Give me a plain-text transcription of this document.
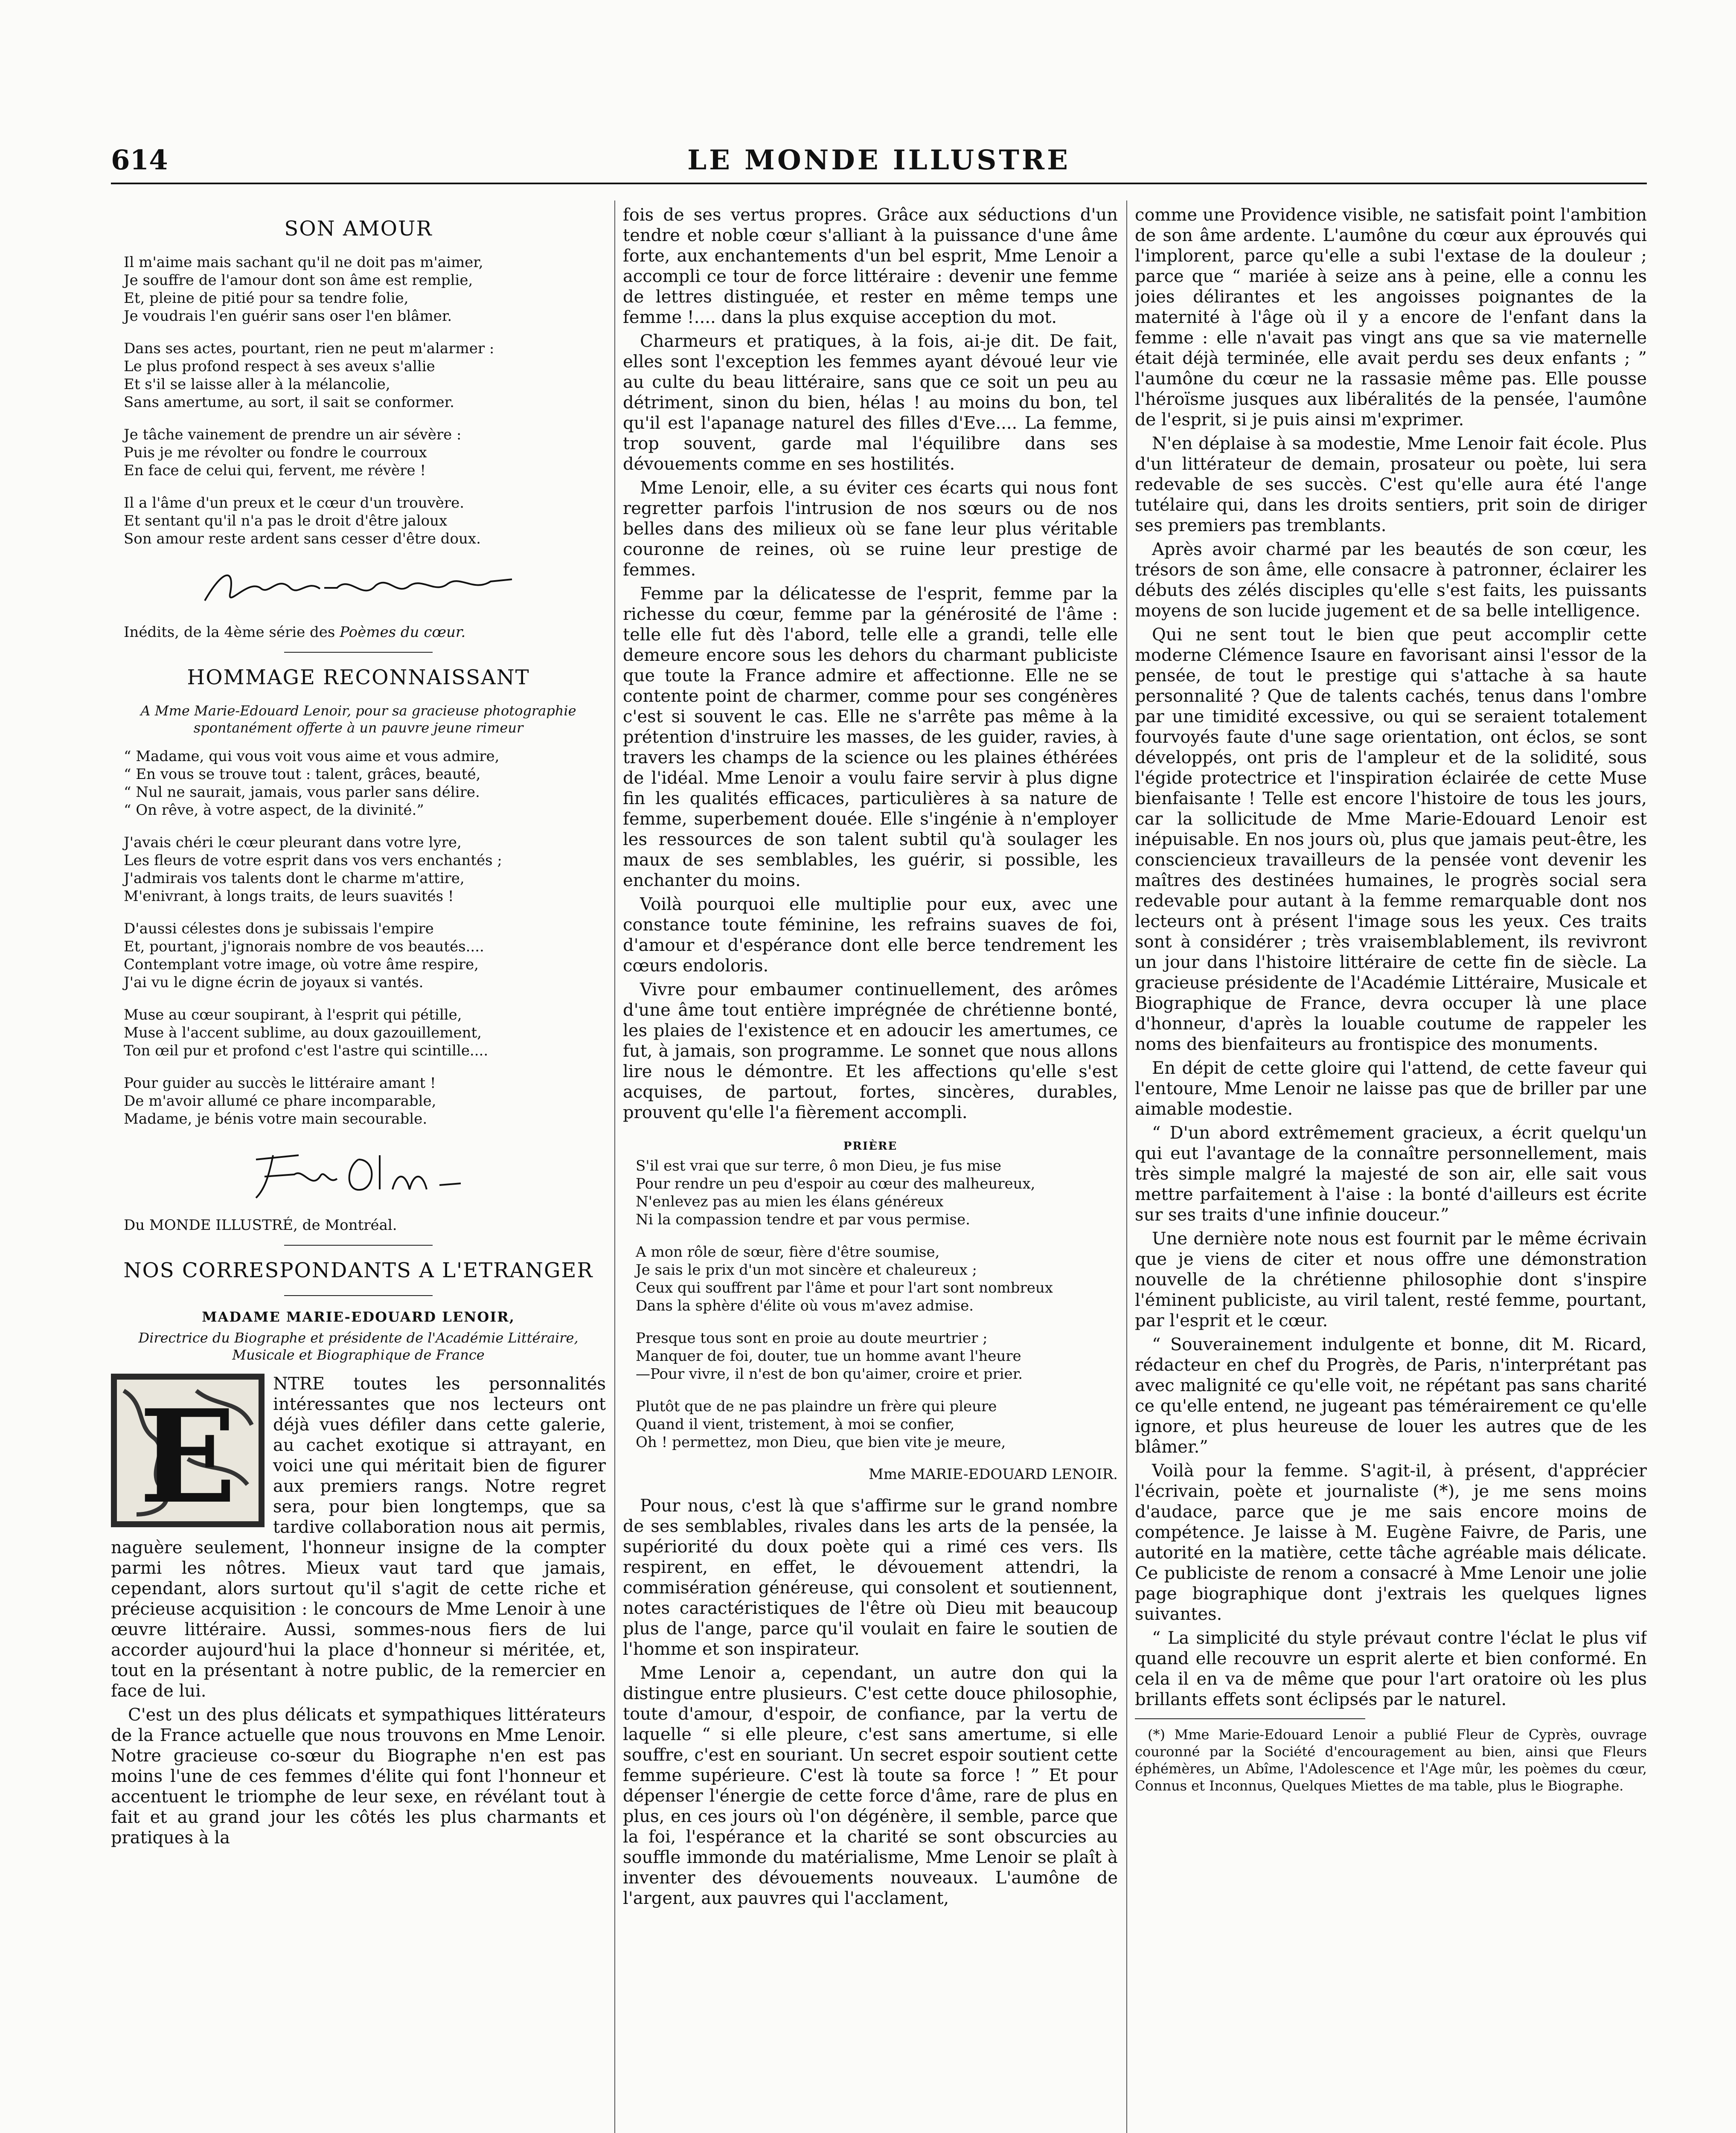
614	LE MONDE ILLUSTRE
SON AMOUR
Il m'aime mais sachant qu'il ne doit pas m'aimer,
Je souffre de l'amour dont son âme est remplie,
Et, pleine de pitié pour sa tendre folie,
Je voudrais l'en guérir sans oser l'en blâmer.
Dans ses actes, pourtant, rien ne peut m'alarmer :
Le plus profond respect à ses aveux s'allie
Et s'il se laisse aller à la mélancolie,
Sans amertume, au sort, il sait se conformer.
Je tâche vainement de prendre un air sévère :
Puis je me révolter ou fondre le courroux
En face de celui qui, fervent, me révère !
Il a l'âme d'un preux et le cœur d'un trouvère.
Et sentant qu'il n'a pas le droit d'être jaloux
Son amour reste ardent sans cesser d'être doux.
Inédits, de la 4ème série des Poèmes du cœur.
HOMMAGE RECONNAISSANT
A Mme Marie-Edouard Lenoir, pour sa gracieuse photographie spontanément offerte à un pauvre jeune rimeur
“ Madame, qui vous voit vous aime et vous admire,
“ En vous se trouve tout : talent, grâces, beauté,
“ Nul ne saurait, jamais, vous parler sans délire.
“ On rêve, à votre aspect, de la divinité.”
J'avais chéri le cœur pleurant dans votre lyre,
Les fleurs de votre esprit dans vos vers enchantés ;
J'admirais vos talents dont le charme m'attire,
M'enivrant, à longs traits, de leurs suavités !
D'aussi célestes dons je subissais l'empire
Et, pourtant, j'ignorais nombre de vos beautés....
Contemplant votre image, où votre âme respire,
J'ai vu le digne écrin de joyaux si vantés.
Muse au cœur soupirant, à l'esprit qui pétille,
Muse à l'accent sublime, au doux gazouillement,
Ton œil pur et profond c'est l'astre qui scintille....
Pour guider au succès le littéraire amant !
De m'avoir allumé ce phare incomparable,
Madame, je bénis votre main secourable.
Du MONDE ILLUSTRÉ, de Montréal.
NOS CORRESPONDANTS A L'ETRANGER
MADAME MARIE-EDOUARD LENOIR,
Directrice du Biographe et présidente de l'Académie Littéraire, Musicale et Biographique de France
E	NTRE toutes les personnalités intéressantes que nos lecteurs ont déjà vues défiler dans cette galerie, au cachet exotique si attrayant, en voici une qui méritait bien de figurer aux premiers rangs. Notre regret sera, pour bien longtemps, que sa tardive collaboration nous ait permis, naguère seulement, l'honneur insigne de la compter parmi les nôtres. Mieux vaut tard que jamais, cependant, alors surtout qu'il s'agit de cette riche et précieuse acquisition : le concours de Mme Lenoir à une œuvre littéraire. Aussi, sommes-nous fiers de lui accorder aujourd'hui la place d'honneur si méritée, et, tout en la présentant à notre public, de la remercier en face de lui.

C'est un des plus délicats et sympathiques littérateurs de la France actuelle que nous trouvons en Mme Lenoir. Notre gracieuse co-sœur du Biographe n'en est pas moins l'une de ces femmes d'élite qui font l'honneur et accentuent le triomphe de leur sexe, en révélant tout à fait et au grand jour les côtés les plus charmants et pratiques à la

fois de ses vertus propres. Grâce aux séductions d'un tendre et noble cœur s'alliant à la puissance d'une âme forte, aux enchantements d'un bel esprit, Mme Lenoir a accompli ce tour de force littéraire : devenir une femme de lettres distinguée, et rester en même temps une femme !.... dans la plus exquise acception du mot.

Charmeurs et pratiques, à la fois, ai-je dit. De fait, elles sont l'exception les femmes ayant dévoué leur vie au culte du beau littéraire, sans que ce soit un peu au détriment, sinon du bien, hélas ! au moins du bon, tel qu'il est l'apanage naturel des filles d'Eve.... La femme, trop souvent, garde mal l'équilibre dans ses dévouements comme en ses hostilités.

Mme Lenoir, elle, a su éviter ces écarts qui nous font regretter parfois l'intrusion de nos sœurs ou de nos belles dans des milieux où se fane leur plus véritable couronne de reines, où se ruine leur prestige de femmes.

Femme par la délicatesse de l'esprit, femme par la richesse du cœur, femme par la générosité de l'âme : telle elle fut dès l'abord, telle elle a grandi, telle elle demeure encore sous les dehors du charmant publiciste que toute la France admire et affectionne. Elle ne se contente point de charmer, comme pour ses congénères c'est si souvent le cas. Elle ne s'arrête pas même à la prétention d'instruire les masses, de les guider, ravies, à travers les champs de la science ou les plaines éthérées de l'idéal. Mme Lenoir a voulu faire servir à plus digne fin les qualités efficaces, particulières à sa nature de femme, superbement douée. Elle s'ingénie à n'employer les ressources de son talent subtil qu'à soulager les maux de ses semblables, les guérir, si possible, les enchanter du moins.

Voilà pourquoi elle multiplie pour eux, avec une constance toute féminine, les refrains suaves de foi, d'amour et d'espérance dont elle berce tendrement les cœurs endoloris.

Vivre pour embaumer continuellement, des arômes d'une âme tout entière imprégnée de chrétienne bonté, les plaies de l'existence et en adoucir les amertumes, ce fut, à jamais, son programme. Le sonnet que nous allons lire nous le démontre. Et les affections qu'elle s'est acquises, de partout, fortes, sincères, durables, prouvent qu'elle l'a fièrement accompli.

PRIÈRE
S'il est vrai que sur terre, ô mon Dieu, je fus mise
Pour rendre un peu d'espoir au cœur des malheureux,
N'enlevez pas au mien les élans généreux
Ni la compassion tendre et par vous permise.
A mon rôle de sœur, fière d'être soumise,
Je sais le prix d'un mot sincère et chaleureux ;
Ceux qui souffrent par l'âme et pour l'art sont nombreux
Dans la sphère d'élite où vous m'avez admise.
Presque tous sont en proie au doute meurtrier ;
Manquer de foi, douter, tue un homme avant l'heure
—Pour vivre, il n'est de bon qu'aimer, croire et prier.
Plutôt que de ne pas plaindre un frère qui pleure
Quand il vient, tristement, à moi se confier,
Oh ! permettez, mon Dieu, que bien vite je meure,
Mme MARIE-EDOUARD LENOIR.

Pour nous, c'est là que s'affirme sur le grand nombre de ses semblables, rivales dans les arts de la pensée, la supériorité du doux poète qui a rimé ces vers. Ils respirent, en effet, le dévouement attendri, la commisération généreuse, qui consolent et soutiennent, notes caractéristiques de l'être où Dieu mit beaucoup plus de l'ange, parce qu'il voulait en faire le soutien de l'homme et son inspirateur.

Mme Lenoir a, cependant, un autre don qui la distingue entre plusieurs. C'est cette douce philosophie, toute d'amour, d'espoir, de confiance, par la vertu de laquelle “ si elle pleure, c'est sans amertume, si elle souffre, c'est en souriant. Un secret espoir soutient cette femme supérieure. C'est là toute sa force ! ” Et pour dépenser l'énergie de cette force d'âme, rare de plus en plus, en ces jours où l'on dégénère, il semble, parce que la foi, l'espérance et la charité se sont obscurcies au souffle immonde du matérialisme, Mme Lenoir se plaît à inventer des dévouements nouveaux. L'aumône de l'argent, aux pauvres qui l'acclament,

comme une Providence visible, ne satisfait point l'ambition de son âme ardente. L'aumône du cœur aux éprouvés qui l'implorent, parce qu'elle a subi l'extase de la douleur ; parce que “ mariée à seize ans à peine, elle a connu les joies délirantes et les angoisses poignantes de la maternité à l'âge où il y a encore de l'enfant dans la femme : elle n'avait pas vingt ans que sa vie maternelle était déjà terminée, elle avait perdu ses deux enfants ; ” l'aumône du cœur ne la rassasie même pas. Elle pousse l'héroïsme jusques aux libéralités de la pensée, l'aumône de l'esprit, si je puis ainsi m'exprimer.

N'en déplaise à sa modestie, Mme Lenoir fait école. Plus d'un littérateur de demain, prosateur ou poète, lui sera redevable de ses succès. C'est qu'elle aura été l'ange tutélaire qui, dans les droits sentiers, prit soin de diriger ses premiers pas tremblants.

Après avoir charmé par les beautés de son cœur, les trésors de son âme, elle consacre à patronner, éclairer les débuts des zélés disciples qu'elle s'est faits, les puissants moyens de son lucide jugement et de sa belle intelligence.

Qui ne sent tout le bien que peut accomplir cette moderne Clémence Isaure en favorisant ainsi l'essor de la pensée, de tout le prestige qui s'attache à sa haute personnalité ? Que de talents cachés, tenus dans l'ombre par une timidité excessive, ou qui se seraient totalement fourvoyés faute d'une sage orientation, ont éclos, se sont développés, ont pris de l'ampleur et de la solidité, sous l'égide protectrice et l'inspiration éclairée de cette Muse bienfaisante ! Telle est encore l'histoire de tous les jours, car la sollicitude de Mme Marie-Edouard Lenoir est inépuisable. En nos jours où, plus que jamais peut-être, les consciencieux travailleurs de la pensée vont devenir les maîtres des destinées humaines, le progrès social sera redevable pour autant à la femme remarquable dont nos lecteurs ont à présent l'image sous les yeux. Ces traits sont à considérer ; très vraisemblablement, ils revivront un jour dans l'histoire littéraire de cette fin de siècle. La gracieuse présidente de l'Académie Littéraire, Musicale et Biographique de France, devra occuper là une place d'honneur, d'après la louable coutume de rappeler les noms des bienfaiteurs au frontispice des monuments.

En dépit de cette gloire qui l'attend, de cette faveur qui l'entoure, Mme Lenoir ne laisse pas que de briller par une aimable modestie.

“ D'un abord extrêmement gracieux, a écrit quelqu'un qui eut l'avantage de la connaître personnellement, mais très simple malgré la majesté de son air, elle sait vous mettre parfaitement à l'aise : la bonté d'ailleurs est écrite sur ses traits d'une infinie douceur.”

Une dernière note nous est fournit par le même écrivain que je viens de citer et nous offre une démonstration nouvelle de la chrétienne philosophie dont s'inspire l'éminent publiciste, au viril talent, resté femme, pourtant, par l'esprit et le cœur.

“ Souverainement indulgente et bonne, dit M. Ricard, rédacteur en chef du Progrès, de Paris, n'interprétant pas avec malignité ce qu'elle voit, ne répétant pas sans charité ce qu'elle entend, ne jugeant pas témérairement ce qu'elle ignore, et plus heureuse de louer les autres que de les blâmer.”

Voilà pour la femme. S'agit-il, à présent, d'apprécier l'écrivain, poète et journaliste (*), je me sens moins d'audace, parce que je me sais encore moins de compétence. Je laisse à M. Eugène Faivre, de Paris, une autorité en la matière, cette tâche agréable mais délicate. Ce publiciste de renom a consacré à Mme Lenoir une jolie page biographique dont j'extrais les quelques lignes suivantes.

“ La simplicité du style prévaut contre l'éclat le plus vif quand elle recouvre un esprit alerte et bien conformé. En cela il en va de même que pour l'art oratoire où les plus brillants effets sont éclipsés par le naturel.

(*) Mme Marie-Edouard Lenoir a publié Fleur de Cyprès, ouvrage couronné par la Société d'encouragement au bien, ainsi que Fleurs éphémères, un Abîme, l'Adolescence et l'Age mûr, les poèmes du cœur, Connus et Inconnus, Quelques Miettes de ma table, plus le Biographe.
